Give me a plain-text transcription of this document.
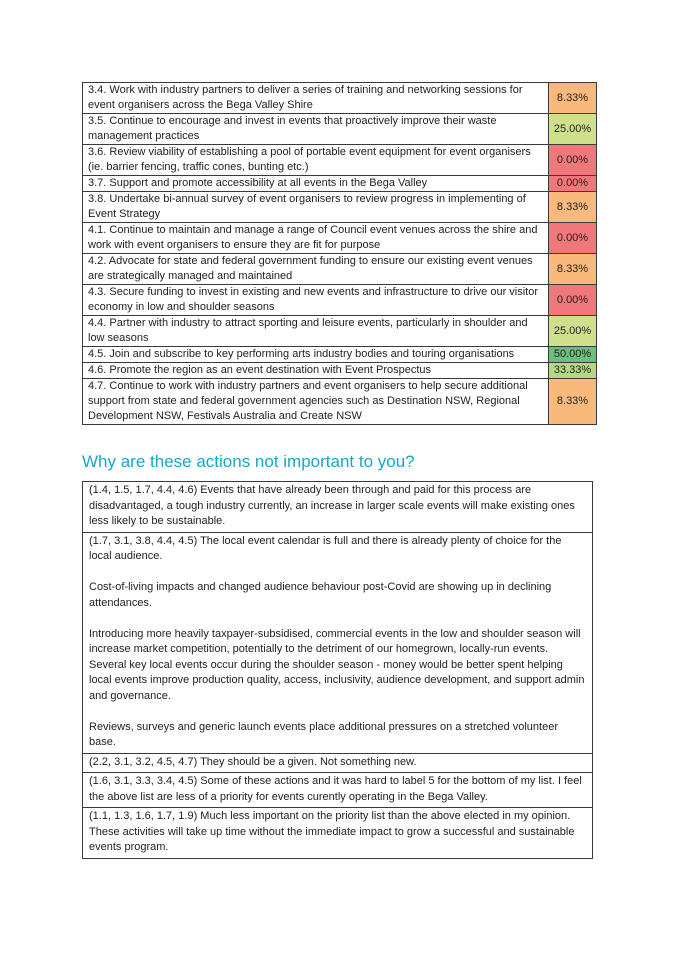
3.4. Work with industry partners to deliver a series of training and networking sessions for event organisers across the Bega Valley Shire	8.33%
3.5. Continue to encourage and invest in events that proactively improve their waste management practices	25.00%
3.6. Review viability of establishing a pool of portable event equipment for event organisers (ie. barrier fencing, traffic cones, bunting etc.)	0.00%
3.7. Support and promote accessibility at all events in the Bega Valley	0.00%
3.8. Undertake bi-annual survey of event organisers to review progress in implementing of Event Strategy	8.33%
4.1. Continue to maintain and manage a range of Council event venues across the shire and work with event organisers to ensure they are fit for purpose	0.00%
4.2. Advocate for state and federal government funding to ensure our existing event venues are strategically managed and maintained	8.33%
4.3. Secure funding to invest in existing and new events and infrastructure to drive our visitor economy in low and shoulder seasons	0.00%
4.4. Partner with industry to attract sporting and leisure events, particularly in shoulder and low seasons	25.00%
4.5. Join and subscribe to key performing arts industry bodies and touring organisations	50.00%
4.6. Promote the region as an event destination with Event Prospectus	33.33%
4.7. Continue to work with industry partners and event organisers to help secure additional support from state and federal government agencies such as Destination NSW, Regional Development NSW, Festivals Australia and Create NSW	8.33%
Why are these actions not important to you?

(1.4, 1.5, 1.7, 4.4, 4.6) Events that have already been through and paid for this process are disadvantaged, a tough industry currently, an increase in larger scale events will make existing ones less likely to be sustainable.

(1.7, 3.1, 3.8, 4.4, 4.5) The local event calendar is full and there is already plenty of choice for the local audience.

Cost-of-living impacts and changed audience behaviour post-Covid are showing up in declining attendances.

Introducing more heavily taxpayer-subsidised, commercial events in the low and shoulder season will increase market competition, potentially to the detriment of our homegrown, locally-run events. Several key local events occur during the shoulder season - money would be better spent helping local events improve production quality, access, inclusivity, audience development, and support admin and governance.

Reviews, surveys and generic launch events place additional pressures on a stretched volunteer base.

(2.2, 3.1, 3.2, 4.5, 4.7) They should be a given. Not something new.

(1.6, 3.1, 3.3, 3.4, 4.5) Some of these actions and it was hard to label 5 for the bottom of my list. I feel the above list are less of a priority for events curently operating in the Bega Valley.

(1.1, 1.3, 1.6, 1.7, 1.9) Much less important on the priority list than the above elected in my opinion. These activities will take up time without the immediate impact to grow a successful and sustainable events program.
